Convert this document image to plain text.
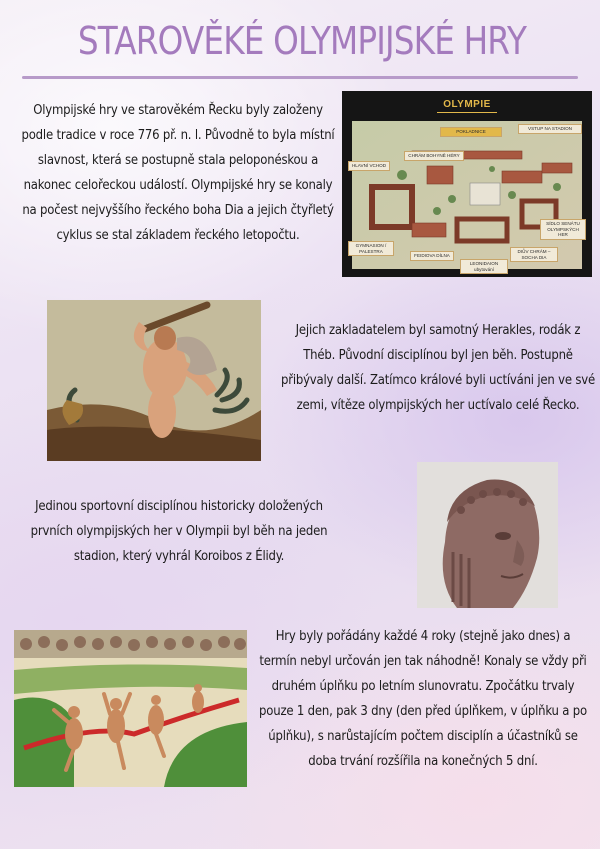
STAROVĚKÉ OLYMPIJSKÉ HRY

Olympijské hry ve starověkém Řecku byly založeny podle tradice v roce 776 př. n. l. Původně to byla místní slavnost, která se postupně stala peloponéskou a nakonec celořeckou událostí. Olympijské hry se konaly na počest nejvyššího řeckého boha Dia a jejich čtyřletý cyklus se stal základem řeckého letopočtu.

OLYMPIE
POKLADNICE
VSTUP NA STADION
CHRÁM BOHYNĚ HÉRY
HLAVNÍ VCHOD
SÍDLO SENÁTU OLYMPSKÝCH HER
GYMNASION / PALESTRA
FEIDIOVA DÍLNA
LEONIDAION ubytování
DIŮV CHRÁM – SOCHA DIA

Jejich zakladatelem byl samotný Herakles, rodák z Théb. Původní disciplínou byl jen běh. Postupně přibývaly další. Zatímco králové byli uctíváni jen ve své zemi, vítěze olympijských her uctívalo celé Řecko.

Jedinou sportovní disciplínou historicky doložených prvních olympijských her v Olympii byl běh na jeden stadion, který vyhrál Koroibos z Élidy.

Hry byly pořádány každé 4 roky (stejně jako dnes) a termín nebyl určován jen tak náhodně! Konaly se vždy při druhém úplňku po letním slunovratu. Zpočátku trvaly pouze 1 den, pak 3 dny (den před úplňkem, v úplňku a po úplňku), s narůstajícím počtem disciplín a účastníků se doba trvání rozšířila na konečných 5 dní.
